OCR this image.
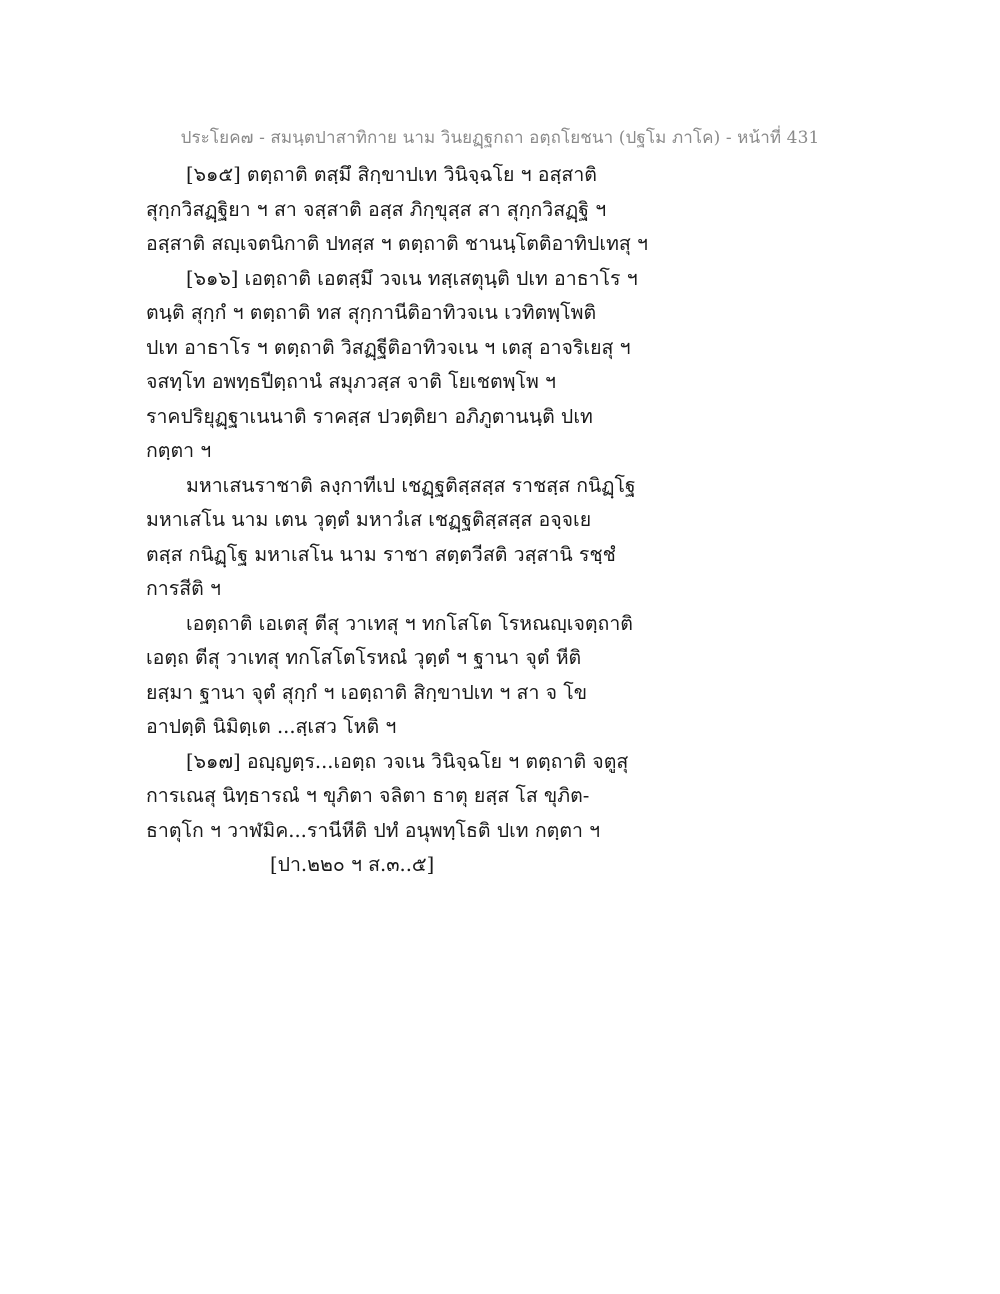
ประโยค๗ - สมนฺตปาสาทิกาย นาม วินยฏฺฐกถา อตฺถโยชนา (ปฐโม ภาโค) - หน้าที่ 431
[๖๑๕] ตตฺถาติ ตสฺมึ สิกฺขาปเท วินิจฺฉโย ฯ อสฺสาติ
สุกฺกวิสฏฺฐิยา ฯ สา จสฺสาติ อสฺส ภิกฺขุสฺส สา สุกฺกวิสฏฺฐิ ฯ
อสฺสาติ สญฺเจตนิกาติ ปทสฺส ฯ ตตฺถาติ ชานนฺโตติอาทิปเทสุ ฯ
[๖๑๖] เอตฺถาติ เอตสฺมึ วจเน ทสฺเสตุนฺติ ปเท อาธาโร ฯ
ตนฺติ สุกฺกํ ฯ ตตฺถาติ ทส สุกฺกานีติอาทิวจเน เวทิตพฺโพติ
ปเท อาธาโร ฯ ตตฺถาติ วิสฏฺฐีติอาทิวจเน ฯ เตสุ อาจริเยสุ ฯ
จสทฺโท อพทฺธปีตฺถานํ สมุภวสฺส จาติ โยเชตพฺโพ ฯ
ราคปริยุฏฺฐาเนนาติ ราคสฺส ปวตฺติยา อภิภูตานนฺติ ปเท
กตฺตา ฯ
มหาเสนราชาติ ลงฺกาทีเป เชฏฺฐติสฺสสฺส ราชสฺส กนิฏฺโฐ
มหาเสโน นาม เตน วุตฺตํ มหาวํเส เชฏฺฐติสฺสสฺส อจฺจเย
ตสฺส กนิฏฺโฐ มหาเสโน นาม ราชา สตฺตวีสติ วสฺสานิ รชฺชํ
การสีติ ฯ
เอตฺถาติ เอเตสุ ตีสุ วาเทสุ ฯ ทกโสโต โรหณญฺเจตฺถาติ
เอตฺถ ตีสุ วาเทสุ ทกโสโตโรหณํ วุตฺตํ ฯ ฐานา จุตํ หีติ
ยสฺมา ฐานา จุตํ สุกฺกํ ฯ เอตฺถาติ สิกฺขาปเท ฯ สา จ โข
อาปตฺติ นิมิตฺเต ...สฺเสว โหติ ฯ
[๖๑๗] อญฺญตฺร...เอตฺถ วจเน วินิจฺฉโย ฯ ตตฺถาติ จตูสุ
การเณสุ นิทฺธารณํ ฯ ขุภิตา จลิตา ธาตุ ยสฺส โส ขุภิต-
ธาตุโก ฯ วาฬมิค...รานีหีติ ปทํ อนุพทฺโธติ ปเท กตฺตา ฯ
[ปา.๒๒๐ ฯ ส.๓..๕]
